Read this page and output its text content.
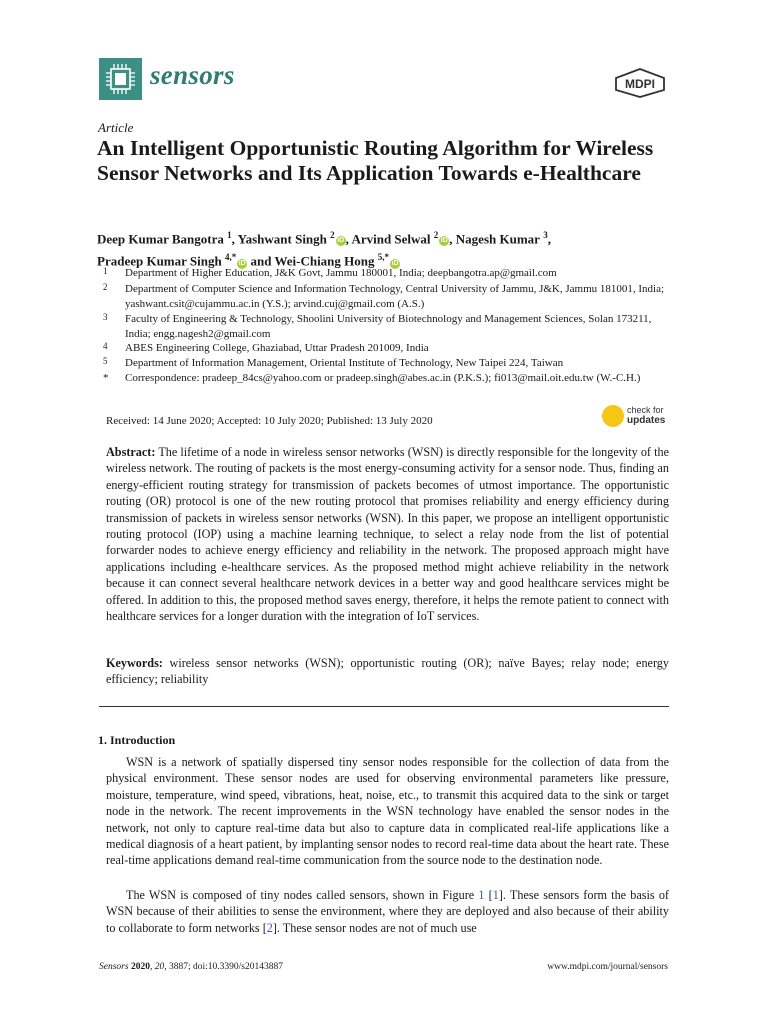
sensors	MDPI
Article
An Intelligent Opportunistic Routing Algorithm for Wireless Sensor Networks and Its Application Towards e-Healthcare
Deep Kumar Bangotra $^1$, Yashwant Singh $^2$iD , Arvind Selwal $^2$iD , Nagesh Kumar $^3$,
Pradeep Kumar Singh $^{4,*}$iD and Wei-Chiang Hong $^{5,*}$iD
1	Department of Higher Education, J&K Govt, Jammu 180001, India; deepbangotra.ap@gmail.com
2	Department of Computer Science and Information Technology, Central University of Jammu, J&K, Jammu 181001, India; yashwant.csit@cujammu.ac.in (Y.S.); arvind.cuj@gmail.com (A.S.)
3	Faculty of Engineering & Technology, Shoolini University of Biotechnology and Management Sciences, Solan 173211, India; engg.nagesh2@gmail.com
4	ABES Engineering College, Ghaziabad, Uttar Pradesh 201009, India
5	Department of Information Management, Oriental Institute of Technology, New Taipei 224, Taiwan
*	Correspondence: pradeep_84cs@yahoo.com or pradeep.singh@abes.ac.in (P.K.S.); fi013@mail.oit.edu.tw (W.-C.H.)
Received: 14 June 2020; Accepted: 10 July 2020; Published: 13 July 2020
check for
updates
Abstract: The lifetime of a node in wireless sensor networks (WSN) is directly responsible for the longevity of the wireless network. The routing of packets is the most energy-consuming activity for a sensor node. Thus, finding an energy-efficient routing strategy for transmission of packets becomes of utmost importance. The opportunistic routing (OR) protocol is one of the new routing protocol that promises reliability and energy efficiency during transmission of packets in wireless sensor networks (WSN). In this paper, we propose an intelligent opportunistic routing protocol (IOP) using a machine learning technique, to select a relay node from the list of potential forwarder nodes to achieve energy efficiency and reliability in the network. The proposed approach might have applications including e-healthcare services. As the proposed method might achieve reliability in the network because it can connect several healthcare network devices in a better way and good healthcare services might be offered. In addition to this, the proposed method saves energy, therefore, it helps the remote patient to connect with healthcare services for a longer duration with the integration of IoT services.
Keywords: wireless sensor networks (WSN); opportunistic routing (OR); naïve Bayes; relay node; energy efficiency; reliability
1. Introduction
WSN is a network of spatially dispersed tiny sensor nodes responsible for the collection of data from the physical environment. These sensor nodes are used for observing environmental parameters like pressure, moisture, temperature, wind speed, vibrations, heat, noise, etc., to transmit this acquired data to the sink or target node in the network. The recent improvements in the WSN technology have enabled the sensor nodes in the network, not only to capture real-time data but also to capture data in complicated real-life applications like a medical diagnosis of a heart patient, by implanting sensor nodes to record real-time data about the heart rate. These real-time applications demand real-time communication from the source node to the destination node.
The WSN is composed of tiny nodes called sensors, shown in Figure 1 [1]. These sensors form the basis of WSN because of their abilities to sense the environment, where they are deployed and also because of their ability to collaborate to form networks [2]. These sensor nodes are not of much use
Sensors 2020, 20, 3887; doi:10.3390/s20143887	www.mdpi.com/journal/sensors
